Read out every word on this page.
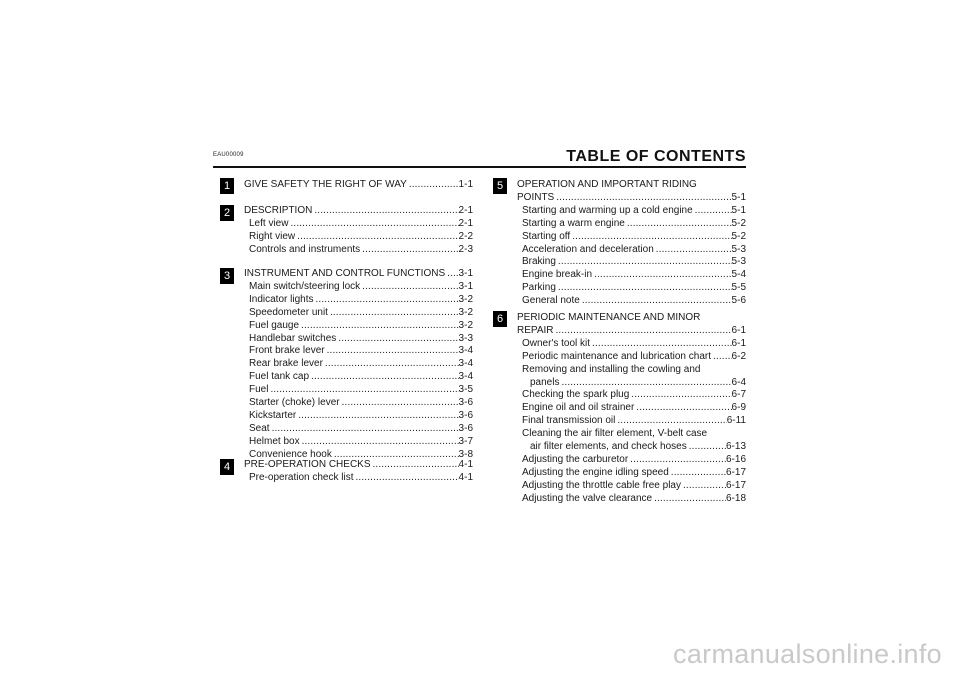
EAU00009	TABLE OF CONTENTS
1
2
3
4
5
6
GIVE SAFETY THE RIGHT OF WAY .....	1-1
DESCRIPTION .....	2-1
Left view .....	2-1
Right view .....	2-2
Controls and instruments .....	2-3
INSTRUMENT AND CONTROL FUNCTIONS ..... 3-1
Main switch/steering lock .....	3-1
Indicator lights .....	3-2
Speedometer unit .....	3-2
Fuel gauge .....	3-2
Handlebar switches .....	3-3
Front brake lever .....	3-4
Rear brake lever .....	3-4
Fuel tank cap .....	3-4
Fuel .....	3-5
Starter (choke) lever .....	3-6
Kickstarter .....	3-6
Seat .....	3-6
Helmet box .....	3-7
Convenience hook .....	3-8
PRE-OPERATION CHECKS .....	4-1
Pre-operation check list .....	4-1
OPERATION AND IMPORTANT RIDING
POINTS .....	5-1
Starting and warming up a cold engine .....	5-1
Starting a warm engine .....	5-2
Starting off .....	5-2
Acceleration and deceleration .....	5-3
Braking .....	5-3
Engine break-in .....	5-4
Parking .....	5-5
General note .....	5-6
PERIODIC MAINTENANCE AND MINOR
REPAIR .....	6-1
Owner's tool kit .....	6-1
Periodic maintenance and lubrication chart ..... 6-2
Removing and installing the cowling and
panels .....	6-4
Checking the spark plug .....	6-7
Engine oil and oil strainer .....	6-9
Final transmission oil .....	6-11
Cleaning the air filter element, V-belt case
air filter elements, and check hoses .....	6-13
Adjusting the carburetor .....	6-16
Adjusting the engine idling speed .....	6-17
Adjusting the throttle cable free play .....	6-17
Adjusting the valve clearance .....	6-18
carmanualsonline.info
